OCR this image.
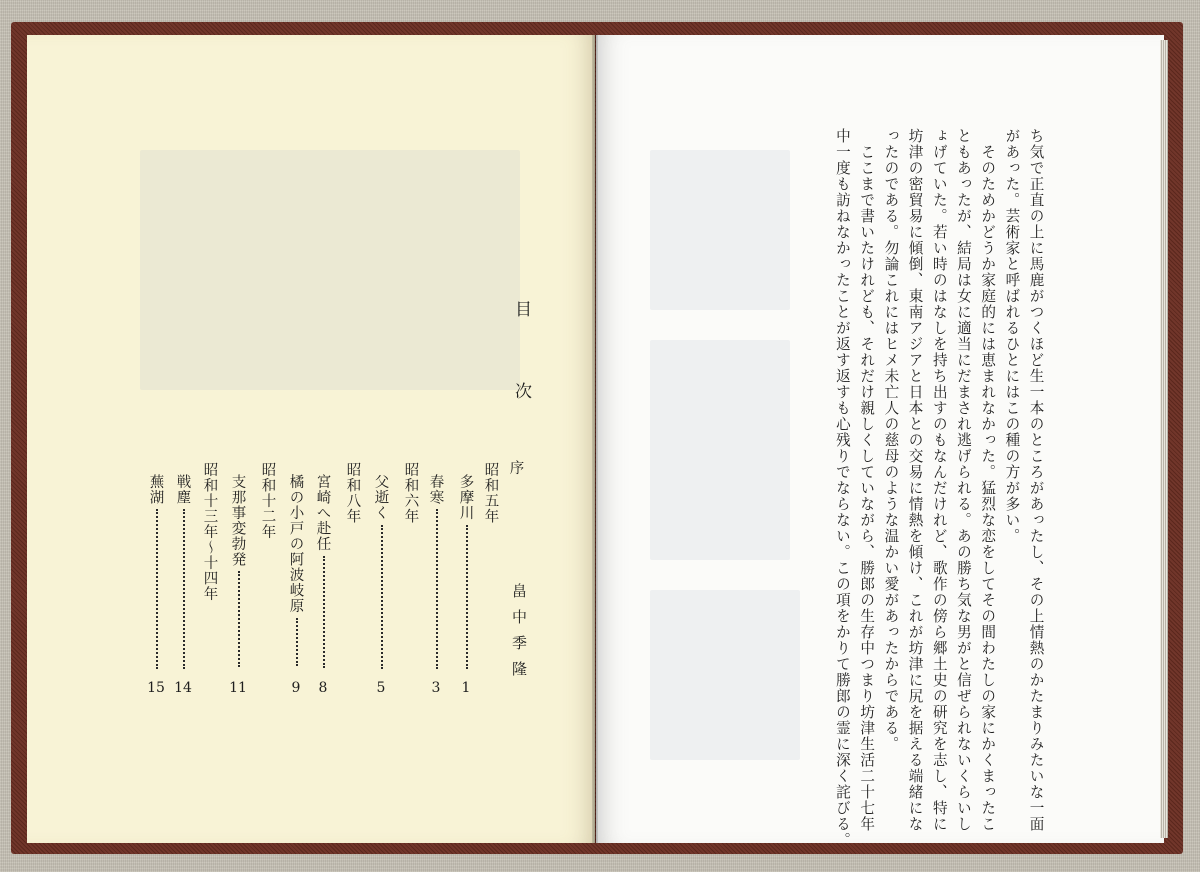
目　次
序
畠中季隆
昭和五年
1
多摩川
3
春寒
昭和六年
5
父逝く
昭和八年
8
宮崎へ赴任
9
橘の小戸の阿波岐原
昭和十二年
11
支那事変勃発
昭和十三年～十四年
14
戦塵
15
蕪湖	ち気で正直の上に馬鹿がつくほど生一本のところがあったし、その上情熱のかたまりみたいな一面
があった。芸術家と呼ばれるひとにはこの種の方が多い。
　そのためかどうか家庭的には恵まれなかった。猛烈な恋をしてその間わたしの家にかくまったこ
ともあったが、結局は女に適当にだまされ逃げられる。あの勝ち気な男がと信ぜられないくらいし
ょげていた。若い時のはなしを持ち出すのもなんだけれど、歌作の傍ら郷土史の研究を志し、特に
坊津の密貿易に傾倒、東南アジアと日本との交易に情熱を傾け、これが坊津に尻を据える端緒にな
ったのである。勿論これにはヒメ未亡人の慈母のような温かい愛があったからである。
　ここまで書いたけれども、それだけ親しくしていながら、勝郎の生存中つまり坊津生活二十七年
中一度も訪ねなかったことが返す返すも心残りでならない。この項をかりて勝郎の霊に深く詫びる。
